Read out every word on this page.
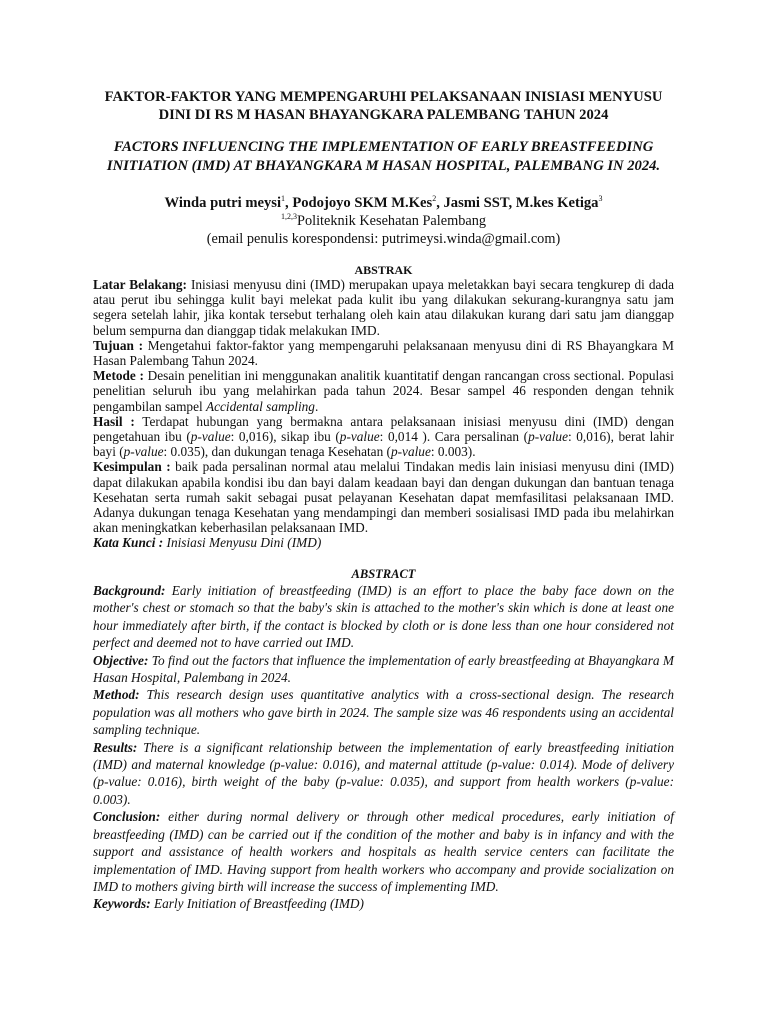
FAKTOR-FAKTOR YANG MEMPENGARUHI PELAKSANAAN INISIASI MENYUSU DINI DI RS M HASAN BHAYANGKARA PALEMBANG TAHUN 2024
FACTORS INFLUENCING THE IMPLEMENTATION OF EARLY BREASTFEEDING INITIATION (IMD) AT BHAYANGKARA M HASAN HOSPITAL, PALEMBANG IN 2024.
Winda putri meysi$^1$, Podojoyo SKM M.Kes$^2$, Jasmi SST, M.kes Ketiga$^3$
$^{1,2,3}$Politeknik Kesehatan Palembang
(email penulis korespondensi: putrimeysi.winda@gmail.com)
ABSTRAK

Latar Belakang: Inisiasi menyusu dini (IMD) merupakan upaya meletakkan bayi secara tengkurep di dada atau perut ibu sehingga kulit bayi melekat pada kulit ibu yang dilakukan sekurang-kurangnya satu jam segera setelah lahir, jika kontak tersebut terhalang oleh kain atau dilakukan kurang dari satu jam dianggap belum sempurna dan dianggap tidak melakukan IMD.

Tujuan : Mengetahui faktor-faktor yang mempengaruhi pelaksanaan menyusu dini di RS Bhayangkara M Hasan Palembang Tahun 2024.

Metode : Desain penelitian ini menggunakan analitik kuantitatif dengan rancangan cross sectional. Populasi penelitian seluruh ibu yang melahirkan pada tahun 2024. Besar sampel 46 responden dengan tehnik pengambilan sampel Accidental sampling.

Hasil : Terdapat hubungan yang bermakna antara pelaksanaan inisiasi menyusu dini (IMD) dengan pengetahuan ibu (p-value: 0,016), sikap ibu (p-value: 0,014 ). Cara persalinan (p-value: 0,016), berat lahir bayi (p-value: 0.035), dan dukungan tenaga Kesehatan (p-value: 0.003).

Kesimpulan : baik pada persalinan normal atau melalui Tindakan medis lain inisiasi menyusu dini (IMD) dapat dilakukan apabila kondisi ibu dan bayi dalam keadaan bayi dan dengan dukungan dan bantuan tenaga Kesehatan serta rumah sakit sebagai pusat pelayanan Kesehatan dapat memfasilitasi pelaksanaan IMD. Adanya dukungan tenaga Kesehatan yang mendampingi dan memberi sosialisasi IMD pada ibu melahirkan akan meningkatkan keberhasilan pelaksanaan IMD.

Kata Kunci : Inisiasi Menyusu Dini (IMD)

ABSTRACT

Background: Early initiation of breastfeeding (IMD) is an effort to place the baby face down on the mother's chest or stomach so that the baby's skin is attached to the mother's skin which is done at least one hour immediately after birth, if the contact is blocked by cloth or is done less than one hour considered not perfect and deemed not to have carried out IMD.

Objective: To find out the factors that influence the implementation of early breastfeeding at Bhayangkara M Hasan Hospital, Palembang in 2024.

Method: This research design uses quantitative analytics with a cross-sectional design. The research population was all mothers who gave birth in 2024. The sample size was 46 respondents using an accidental sampling technique.

Results: There is a significant relationship between the implementation of early breastfeeding initiation (IMD) and maternal knowledge (p-value: 0.016), and maternal attitude (p-value: 0.014). Mode of delivery (p-value: 0.016), birth weight of the baby (p-value: 0.035), and support from health workers (p-value: 0.003).

Conclusion: either during normal delivery or through other medical procedures, early initiation of breastfeeding (IMD) can be carried out if the condition of the mother and baby is in infancy and with the support and assistance of health workers and hospitals as health service centers can facilitate the implementation of IMD. Having support from health workers who accompany and provide socialization on IMD to mothers giving birth will increase the success of implementing IMD.

Keywords: Early Initiation of Breastfeeding (IMD)
